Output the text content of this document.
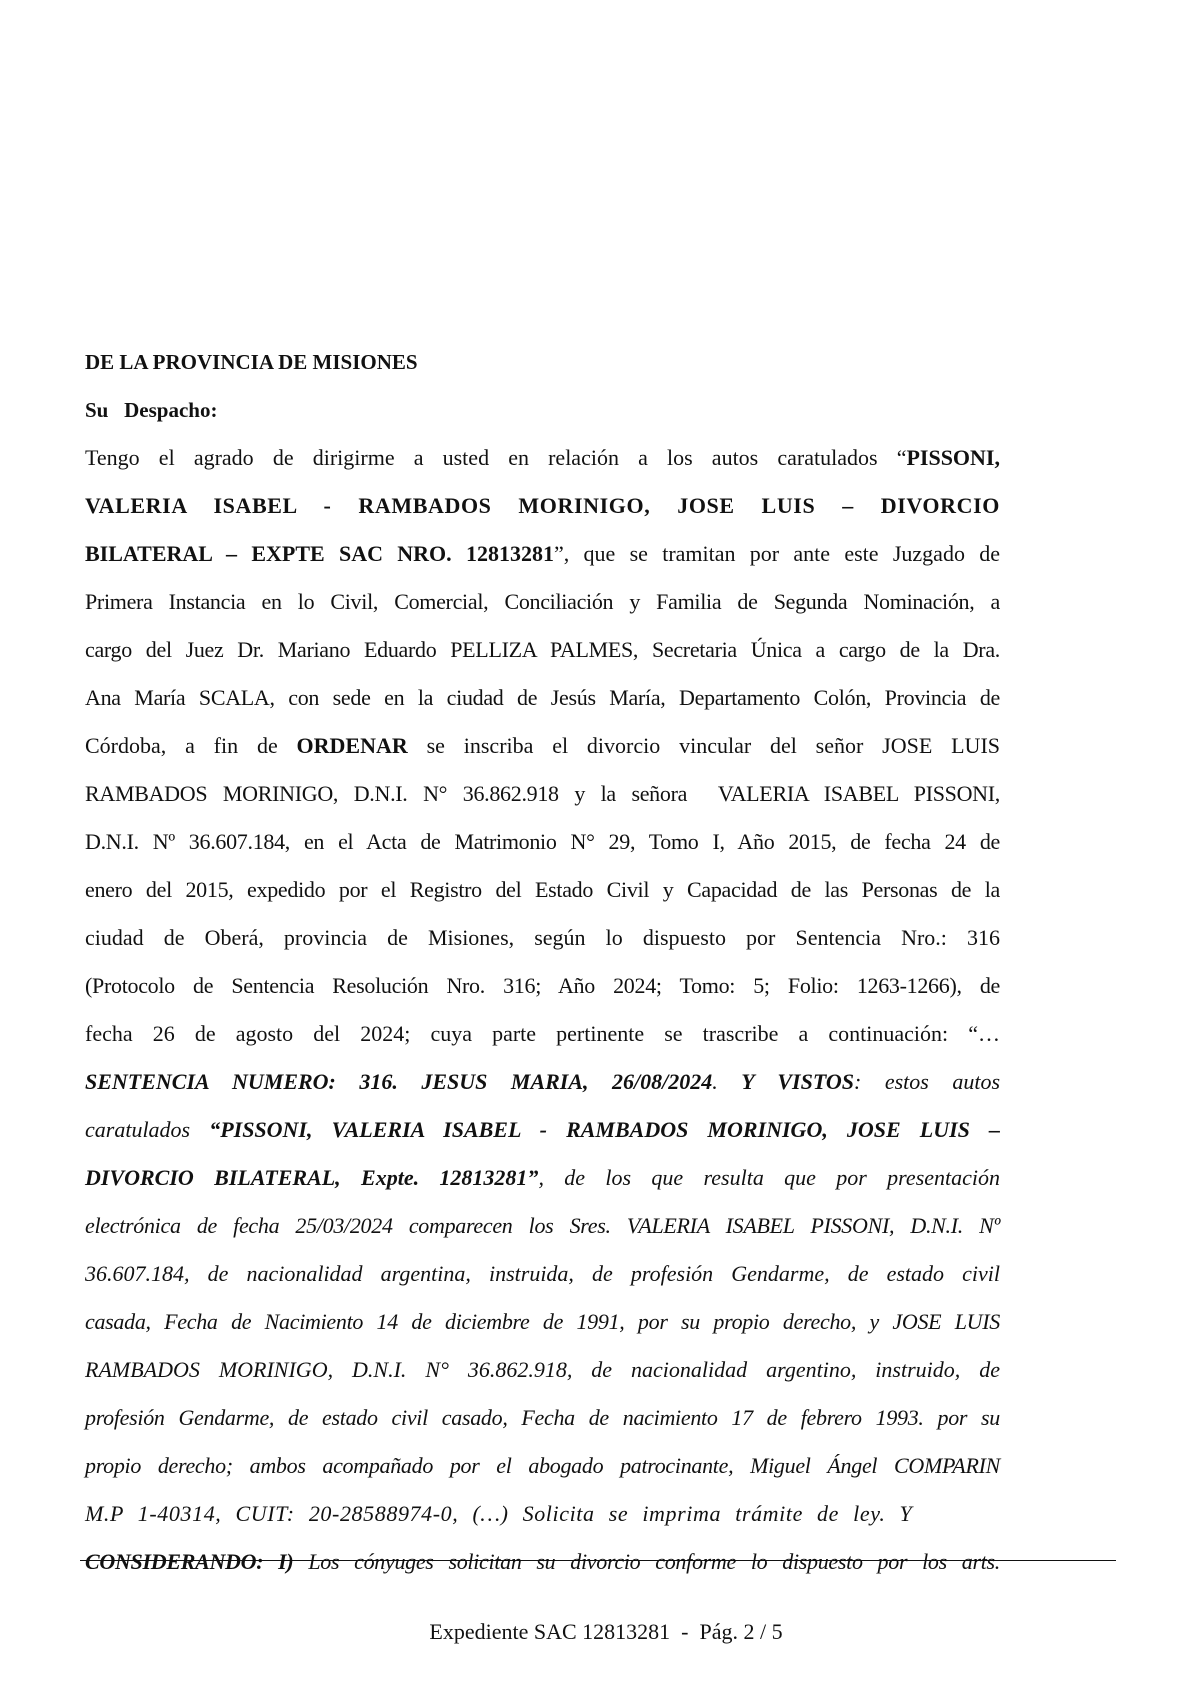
DE LA PROVINCIA DE MISIONES
Su   Despacho:
Tengo el agrado de dirigirme a usted en relación a los autos caratulados “PISSONI,
VALERIA ISABEL - RAMBADOS MORINIGO, JOSE LUIS – DIVORCIO
BILATERAL – EXPTE SAC NRO. 12813281”, que se tramitan por ante este Juzgado de
Primera Instancia en lo Civil, Comercial, Conciliación y Familia de Segunda Nominación, a
cargo del Juez Dr. Mariano Eduardo PELLIZA PALMES, Secretaria Única a cargo de la Dra.
Ana María SCALA, con sede en la ciudad de Jesús María, Departamento Colón, Provincia de
Córdoba, a fin de ORDENAR se inscriba el divorcio vincular del señor JOSE LUIS
RAMBADOS MORINIGO, D.N.I. N° 36.862.918 y la señora  VALERIA ISABEL PISSONI,
D.N.I. Nº 36.607.184, en el Acta de Matrimonio N° 29, Tomo I, Año 2015, de fecha 24 de
enero del 2015, expedido por el Registro del Estado Civil y Capacidad de las Personas de la
ciudad de Oberá, provincia de Misiones, según lo dispuesto por Sentencia Nro.: 316
(Protocolo de Sentencia Resolución Nro. 316; Año 2024; Tomo: 5; Folio: 1263-1266), de
fecha 26 de agosto del 2024; cuya parte pertinente se trascribe a continuación: “…
SENTENCIA NUMERO: 316. JESUS MARIA, 26/08/2024. Y VISTOS: estos autos
caratulados “PISSONI, VALERIA ISABEL - RAMBADOS MORINIGO, JOSE LUIS –
DIVORCIO BILATERAL, Expte. 12813281”, de los que resulta que por presentación
electrónica de fecha 25/03/2024 comparecen los Sres. VALERIA ISABEL PISSONI, D.N.I. Nº
36.607.184, de nacionalidad argentina, instruida, de profesión Gendarme, de estado civil
casada, Fecha de Nacimiento 14 de diciembre de 1991, por su propio derecho, y JOSE LUIS
RAMBADOS MORINIGO, D.N.I. N° 36.862.918, de nacionalidad argentino, instruido, de
profesión Gendarme, de estado civil casado, Fecha de nacimiento 17 de febrero 1993. por su
propio derecho; ambos acompañado por el abogado patrocinante, Miguel Ángel COMPARIN
M.P 1-40314, CUIT: 20-28588974-0, (…) Solicita se imprima trámite de ley. Y
CONSIDERANDO: I) Los cónyuges solicitan su divorcio conforme lo dispuesto por los arts.

Expediente SAC 12813281  -  Pág. 2 / 5
